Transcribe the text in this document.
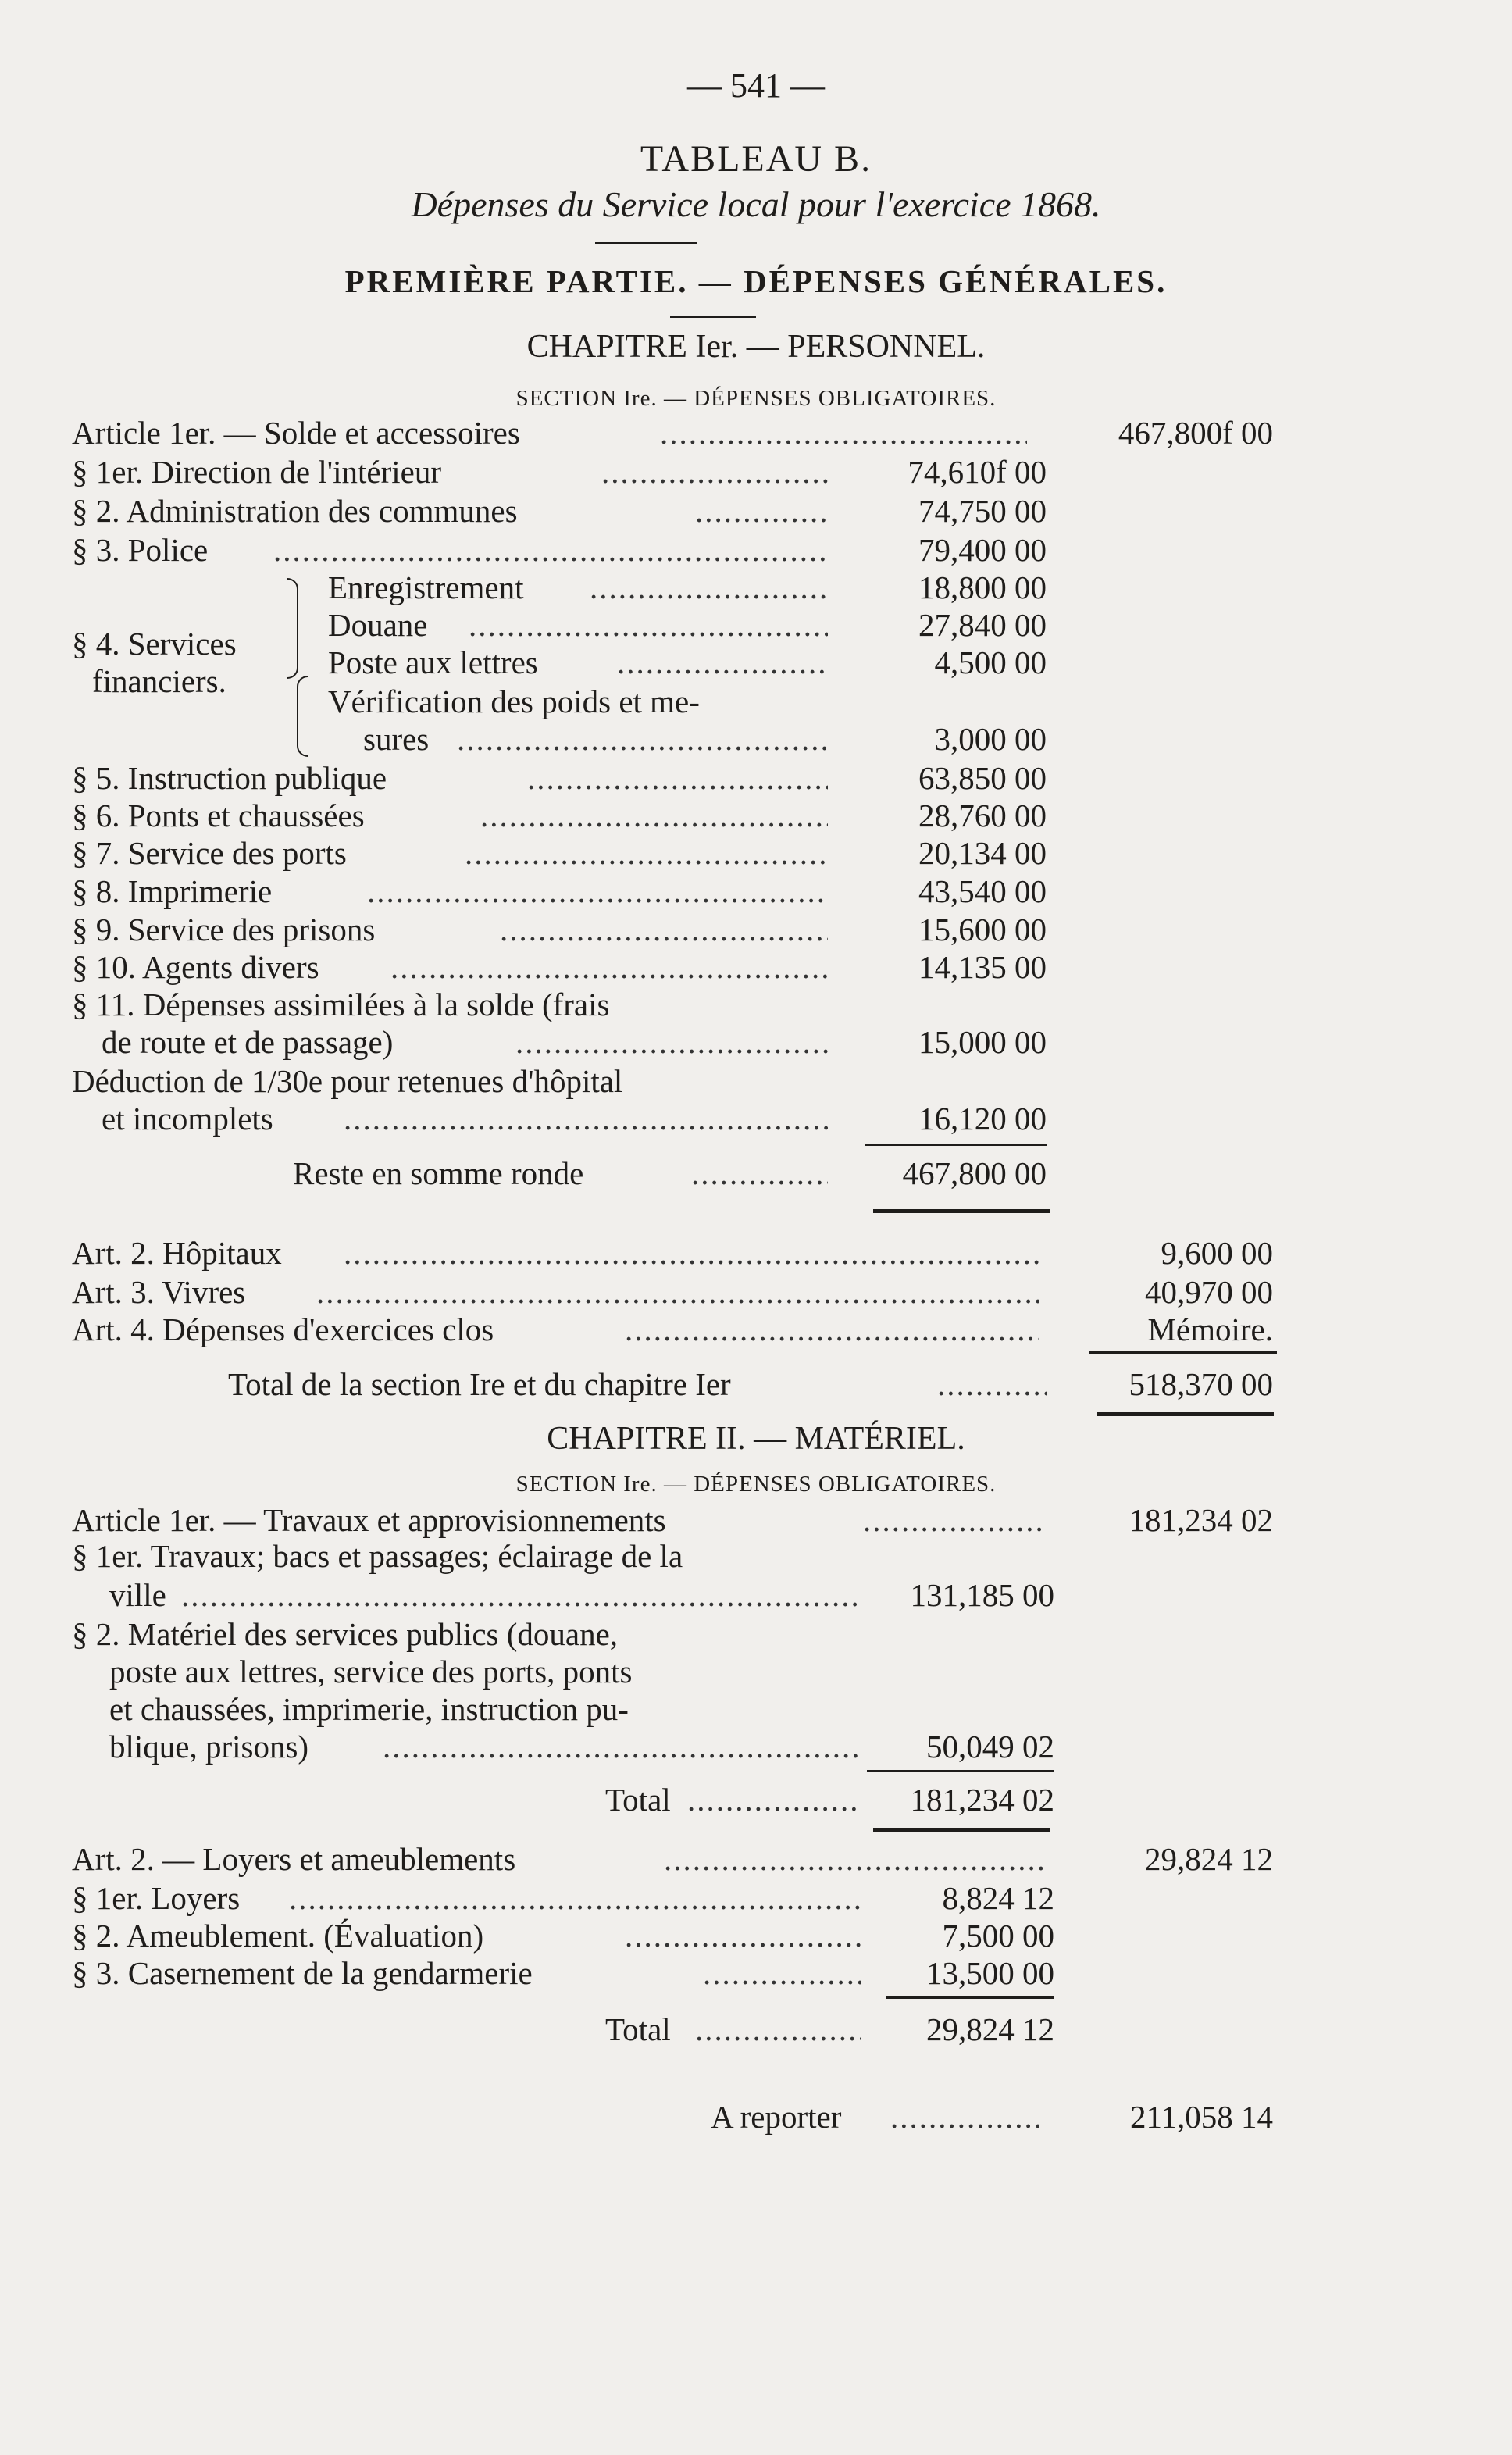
— 541 —
TABLEAU B.
Dépenses du Service local pour l'exercice 1868.
PREMIÈRE PARTIE. — DÉPENSES GÉNÉRALES.
CHAPITRE Ier. — PERSONNEL.
SECTION Ire. — DÉPENSES OBLIGATOIRES.
Article 1er. — Solde et accessoires .....	467,800f 00
§ 1er. Direction de l'intérieur .....	74,610f 00
§ 2. Administration des communes .....	74,750 00
§ 3. Police .....	79,400 00
§ 4. Services
financiers.
Enregistrement .....	18,800 00
Douane .....	27,840 00
Poste aux lettres .....	4,500 00
Vérification des poids et me-
sures .....	3,000 00
§ 5. Instruction publique .....	63,850 00
§ 6. Ponts et chaussées .....	28,760 00
§ 7. Service des ports .....	20,134 00
§ 8. Imprimerie .....	43,540 00
§ 9. Service des prisons .....	15,600 00
§ 10. Agents divers .....	14,135 00
§ 11. Dépenses assimilées à la solde (frais
de route et de passage) .....	15,000 00
Déduction de 1/30e pour retenues d'hôpital
et incomplets .....	16,120 00
Reste en somme ronde .....	467,800 00
Art. 2. Hôpitaux .....	9,600 00
Art. 3. Vivres .....	40,970 00
Art. 4. Dépenses d'exercices clos .....	Mémoire.
Total de la section Ire et du chapitre Ier .....	518,370 00
CHAPITRE II. — MATÉRIEL.
SECTION Ire. — DÉPENSES OBLIGATOIRES.
Article 1er. — Travaux et approvisionnements .....	181,234 02
§ 1er. Travaux; bacs et passages; éclairage de la
ville .....	131,185 00
§ 2. Matériel des services publics (douane,
poste aux lettres, service des ports, ponts
et chaussées, imprimerie, instruction pu-
blique, prisons) .....	50,049 02
Total .....	181,234 02
Art. 2. — Loyers et ameublements .....	29,824 12
§ 1er. Loyers .....	8,824 12
§ 2. Ameublement. (Évaluation) .....	7,500 00
§ 3. Casernement de la gendarmerie .....	13,500 00
Total .....	29,824 12
A reporter .....	211,058 14
